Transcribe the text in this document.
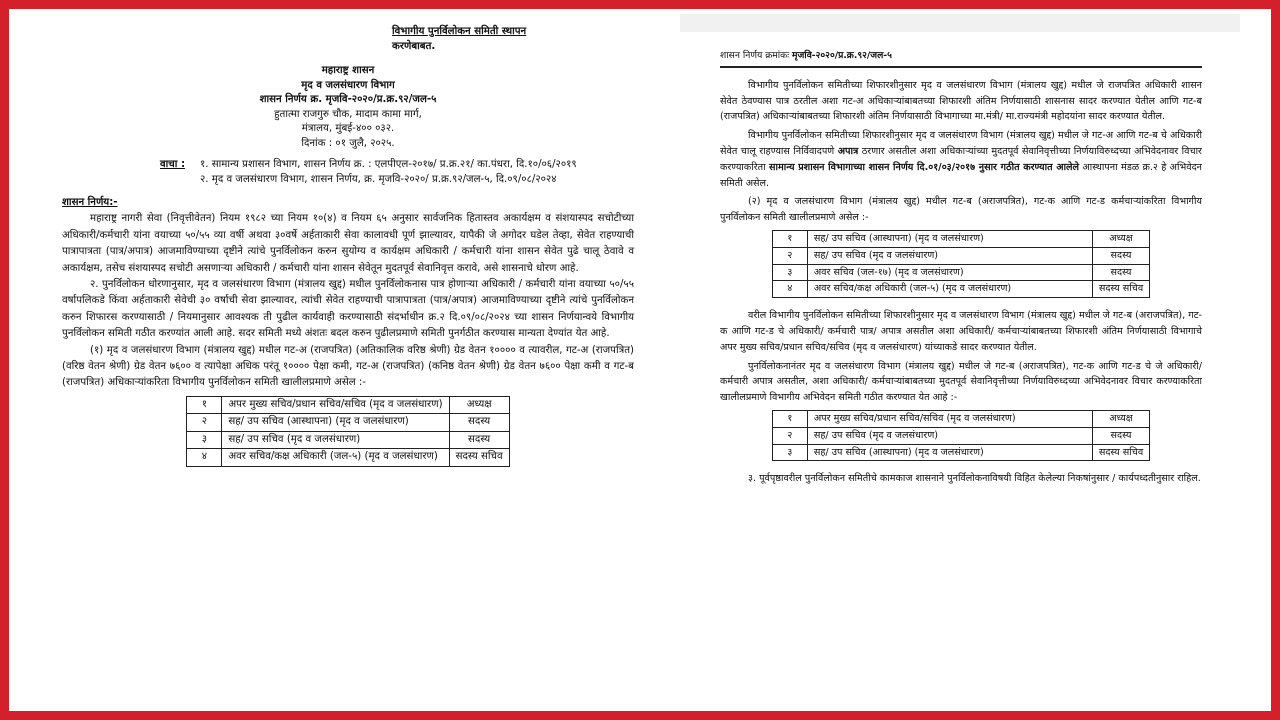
विभागीय पुनर्विलोकन समिती स्थापन
करणेबाबत.
महाराष्ट्र शासन
मृद व जलसंधारण विभाग
शासन निर्णय क्र. मृजवि-२०२०/प्र.क्र.९२/जल-५
हुतात्मा राजगुरु चौक, मादाम कामा मार्ग,
मंत्रालय, मुंबई-४०० ०३२.
दिनांक : ०१ जुलै, २०२५.
वाचा :	१. सामान्य प्रशासन विभाग, शासन निर्णय क्र. : एलपीएल-२०१७/ प्र.क्र.२१/ का.पंधरा, दि.१०/०६/२०१९
२. मृद व जलसंधारण विभाग, शासन निर्णय, क्र. मृजवि-२०२०/ प्र.क्र.९२/जल-५, दि.०९/०८/२०२४
शासन निर्णय:-

महाराष्ट्र नागरी सेवा (निवृत्तीवेतन) नियम १९८२ च्या नियम १०(४) व नियम ६५ अनुसार सार्वजनिक हितास्तव अकार्यक्षम व संशयास्पद सचोटीच्या अधिकारी/कर्मचारी यांना वयाच्या ५०/५५ व्या वर्षी अथवा ३०वर्षे अर्हताकारी सेवा कालावधी पूर्ण झाल्यावर, यापैकी जे अगोदर घडेल तेव्हा, सेवेत राहण्याची पात्रापात्रता (पात्र/अपात्र) आजमाविण्याच्या दृष्टीने त्यांचे पुनर्विलोकन करुन सुयोग्य व कार्यक्षम अधिकारी / कर्मचारी यांना शासन सेवेत पुढे चालू ठेवावे व अकार्यक्षम, तसेच संशयास्पद सचोटी असणाऱ्या अधिकारी / कर्मचारी यांना शासन सेवेतून मुदतपूर्व सेवानिवृत्त करावे, असे शासनाचे धोरण आहे.

२. पुनर्विलोकन धोरणानुसार, मृद व जलसंधारण विभाग (मंत्रालय खुद्द) मधील पुनर्विलोकनास पात्र होणाऱ्या अधिकारी / कर्मचारी यांना वयाच्या ५०/५५ वर्षापलिकडे किंवा अर्हताकारी सेवेची ३० वर्षाची सेवा झाल्यावर, त्यांची सेवेत राहण्याची पात्रापात्रता (पात्र/अपात्र) आजमाविण्याच्या दृष्टीने त्यांचे पुनर्विलोकन करुन शिफारस करण्यासाठी / नियमानुसार आवश्यक ती पुढील कार्यवाही करण्यासाठी संदर्भाधीन क्र.२ दि.०९/०८/२०२४ च्या शासन निर्णयान्वये विभागीय पुनर्विलोकन समिती गठीत करण्यांत आली आहे. सदर समिती मध्ये अंशतः बदल करुन पुढीलप्रमाणे समिती पुनर्गठीत करण्यास मान्यता देण्यांत येत आहे.

(१) मृद व जलसंधारण विभाग (मंत्रालय खुद्द) मधील गट-अ (राजपत्रित) (अतिकालिक वरिष्ठ श्रेणी) ग्रेड वेतन १०००० व त्यावरील, गट-अ (राजपत्रित) (वरिष्ठ वेतन श्रेणी) ग्रेड वेतन ७६०० व त्यापेक्षा अधिक परंतू १०००० पेक्षा कमी, गट-अ (राजपत्रित) (कनिष्ठ वेतन श्रेणी) ग्रेड वेतन ७६०० पेक्षा कमी व गट-ब (राजपत्रित) अधिकाऱ्यांकरिता विभागीय पुनर्विलोकन समिती खालीलप्रमाणे असेल :-

१	अपर मुख्य सचिव/प्रधान सचिव/सचिव (मृद व जलसंधारण)	अध्यक्ष
२	सह/ उप सचिव (आस्थापना) (मृद व जलसंधारण)	सदस्य
३	सह/ उप सचिव (मृद व जलसंधारण)	सदस्य
४	अवर सचिव/कक्ष अधिकारी (जल-५) (मृद व जलसंधारण)	सदस्य सचिव
शासन निर्णय क्रमांकः मृजवि-२०२०/प्र.क्र.९२/जल-५

विभागीय पुनर्विलोकन समितीच्या शिफारशीनुसार मृद व जलसंधारण विभाग (मंत्रालय खुद्द) मधील जे राजपत्रित अधिकारी शासन सेवेत ठेवण्यास पात्र ठरतील अशा गट-अ अधिकाऱ्यांबाबतच्या शिफारशी अंतिम निर्णयासाठी शासनास सादर करण्यात येतील आणि गट-ब (राजपत्रित) अधिकाऱ्यांबाबतच्या शिफारशी अंतिम निर्णयासाठी विभागाच्या मा.मंत्री/ मा.राज्यमंत्री महोदयांना सादर करण्यात येतील.

विभागीय पुनर्विलोकन समितीच्या शिफारशीनुसार मृद व जलसंधारण विभाग (मंत्रालय खुद्द) मधील जे गट-अ आणि गट-ब चे अधिकारी सेवेत चालू राहण्यास निर्विवादपणे अपात्र ठरणार असतील अशा अधिकाऱ्यांच्या मुदतपूर्व सेवानिवृत्तीच्या निर्णयाविरुध्दच्या अभिवेदनावर विचार करण्याकरिता सामान्य प्रशासन विभागाच्या शासन निर्णय दि.०१/०३/२०१७ नुसार गठीत करण्यात आलेले आस्थापना मंडळ क्र.२ हे अभिवेदन समिती असेल.

(२) मृद व जलसंधारण विभाग (मंत्रालय खुद्द) मधील गट-ब (अराजपत्रित), गट-क आणि गट-ड कर्मचाऱ्यांकरिता विभागीय पुनर्विलोकन समिती खालीलप्रमाणे असेल :-

१	सह/ उप सचिव (आस्थापना) (मृद व जलसंधारण)	अध्यक्ष
२	सह/ उप सचिव (मृद व जलसंधारण)	सदस्य
३	अवर सचिव (जल-१७) (मृद व जलसंधारण)	सदस्य
४	अवर सचिव/कक्ष अधिकारी (जल-५) (मृद व जलसंधारण)	सदस्य सचिव

वरील विभागीय पुनर्विलोकन समितीच्या शिफारशीनुसार मृद व जलसंधारण विभाग (मंत्रालय खुद्द) मधील जे गट-ब (अराजपत्रित), गट-क आणि गट-ड चे अधिकारी/ कर्मचारी पात्र/ अपात्र असतील अशा अधिकारी/ कर्मचाऱ्यांबाबतच्या शिफारशी अंतिम निर्णयासाठी विभागाचे अपर मुख्य सचिव/प्रधान सचिव/सचिव (मृद व जलसंधारण) यांच्याकडे सादर करण्यात येतील.

पुनर्विलोकनानंतर मृद व जलसंधारण विभाग (मंत्रालय खुद्द) मधील जे गट-ब (अराजपत्रित), गट-क आणि गट-ड चे जे अधिकारी/ कर्मचारी अपात्र असतील, अशा अधिकारी/ कर्मचाऱ्यांबाबतच्या मुदतपूर्व सेवानिवृत्तीच्या निर्णयाविरुध्दच्या अभिवेदनावर विचार करण्याकरिता खालीलप्रमाणे विभागीय अभिवेदन समिती गठीत करण्यात येत आहे :-

१	अपर मुख्य सचिव/प्रधान सचिव/सचिव (मृद व जलसंधारण)	अध्यक्ष
२	सह/ उप सचिव (मृद व जलसंधारण)	सदस्य
३	सह/ उप सचिव (आस्थापना) (मृद व जलसंधारण)	सदस्य सचिव

३. पूर्वपृष्ठावरील पुनर्विलोकन समितीचे कामकाज शासनाने पुनर्विलोकनाविषयी विहित केलेल्या निकषांनुसार / कार्यपध्दतीनुसार राहिल.
